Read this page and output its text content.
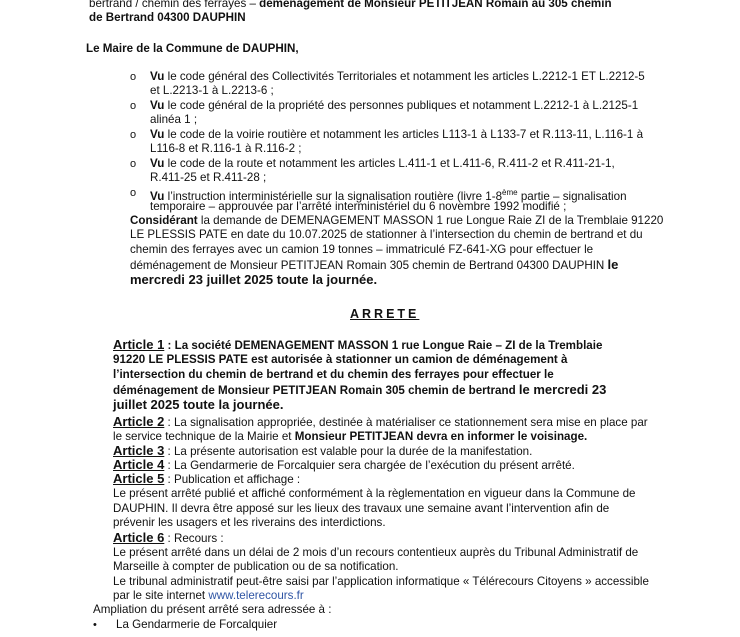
bertrand / chemin des ferrayes – déménagement de Monsieur PETITJEAN Romain au 305 chemin
de Bertrand 04300 DAUPHIN
Le Maire de la Commune de DAUPHIN,
o Vu le code général des Collectivités Territoriales et notamment les articles L.2212-1 ET L.2212-5
et L.2213-1 à L.2213-6 ;
o Vu le code général de la propriété des personnes publiques et notamment L.2212-1 à L.2125-1
alinéa 1 ;
o Vu le code de la voirie routière et notamment les articles L113-1 à L133-7 et R.113-11, L.116-1 à
L116-8 et R.116-1 à R.116-2 ;
o Vu le code de la route et notamment les articles L.411-1 et L.411-6, R.411-2 et R.411-21-1,
R.411-25 et R.411-28 ;
o Vu l’instruction interministérielle sur la signalisation routière (livre 1-8ème partie – signalisation
temporaire – approuvée par l’arrêté interministériel du 6 novembre 1992 modifié ;
Considérant la demande de DEMENAGEMENT MASSON 1 rue Longue Raie ZI de la Tremblaie 91220
LE PLESSIS PATE en date du 10.07.2025 de stationner à l’intersection du chemin de bertrand et du
chemin des ferrayes avec un camion 19 tonnes – immatriculé FZ-641-XG pour effectuer le
déménagement de Monsieur PETITJEAN Romain 305 chemin de Bertrand 04300 DAUPHIN le
mercredi 23 juillet 2025 toute la journée.
ARRETE
Article 1 : La société DEMENAGEMENT MASSON 1 rue Longue Raie – ZI de la Tremblaie
91220 LE PLESSIS PATE est autorisée à stationner un camion de déménagement à
l’intersection du chemin de bertrand et du chemin des ferrayes pour effectuer le
déménagement de Monsieur PETITJEAN Romain 305 chemin de bertrand le mercredi 23
juillet 2025 toute la journée.
Article 2 : La signalisation appropriée, destinée à matérialiser ce stationnement sera mise en place par
le service technique de la Mairie et Monsieur PETITJEAN devra en informer le voisinage.
Article 3 : La présente autorisation est valable pour la durée de la manifestation.
Article 4 : La Gendarmerie de Forcalquier sera chargée de l’exécution du présent arrêté.
Article 5 : Publication et affichage :
Le présent arrêté publié et affiché conformément à la règlementation en vigueur dans la Commune de
DAUPHIN. Il devra être apposé sur les lieux des travaux une semaine avant l’intervention afin de
prévenir les usagers et les riverains des interdictions.
Article 6 : Recours :
Le présent arrêté dans un délai de 2 mois d’un recours contentieux auprès du Tribunal Administratif de
Marseille à compter de publication ou de sa notification.
Le tribunal administratif peut-être saisi par l’application informatique « Télérecours Citoyens » accessible
par le site internet www.telerecours.fr
Ampliation du présent arrêté sera adressée à :
• La Gendarmerie de Forcalquier
